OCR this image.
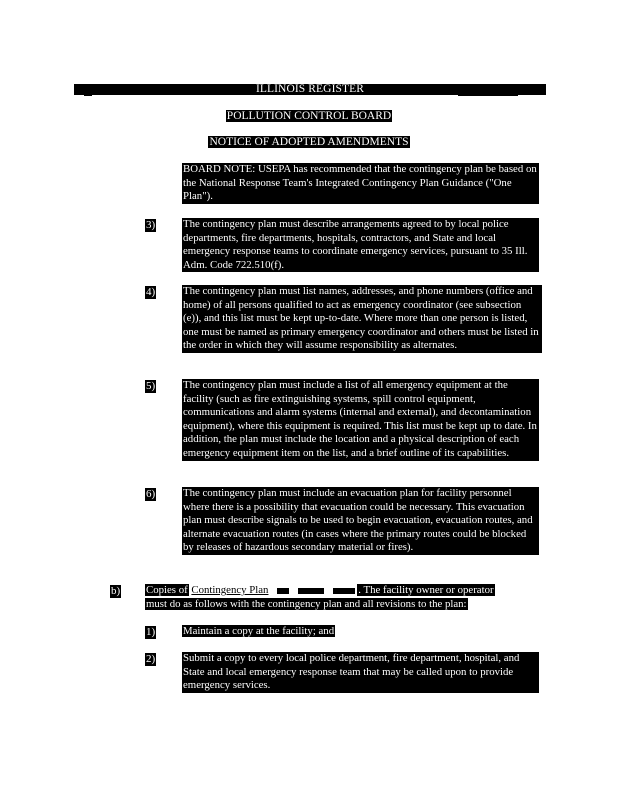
ILLINOIS REGISTER
POLLUTION CONTROL BOARD
NOTICE OF ADOPTED AMENDMENTS
BOARD NOTE: USEPA has recommended that the contingency plan be based on the National Response Team's Integrated Contingency Plan Guidance ("One Plan").
3)	The contingency plan must describe arrangements agreed to by local police departments, fire departments, hospitals, contractors, and State and local emergency response teams to coordinate emergency services, pursuant to 35 Ill. Adm. Code 722.510(f).
4)	The contingency plan must list names, addresses, and phone numbers (office and home) of all persons qualified to act as emergency coordinator (see subsection (e)), and this list must be kept up-to-date. Where more than one person is listed, one must be named as primary emergency coordinator and others must be listed in the order in which they will assume responsibility as alternates.
5)	The contingency plan must include a list of all emergency equipment at the facility (such as fire extinguishing systems, spill control equipment, communications and alarm systems (internal and external), and decontamination equipment), where this equipment is required. This list must be kept up to date. In addition, the plan must include the location and a physical description of each emergency equipment item on the list, and a brief outline of its capabilities.
6)	The contingency plan must include an evacuation plan for facility personnel where there is a possibility that evacuation could be necessary. This evacuation plan must describe signals to be used to begin evacuation, evacuation routes, and alternate evacuation routes (in cases where the primary routes could be blocked by releases of hazardous secondary material or fires).
b) Copies of Contingency Plan	. The facility owner or operator
must do as follows with the contingency plan and all revisions to the plan:
1)	Maintain a copy at the facility; and
2)	Submit a copy to every local police department, fire department, hospital, and State and local emergency response team that may be called upon to provide emergency services.
